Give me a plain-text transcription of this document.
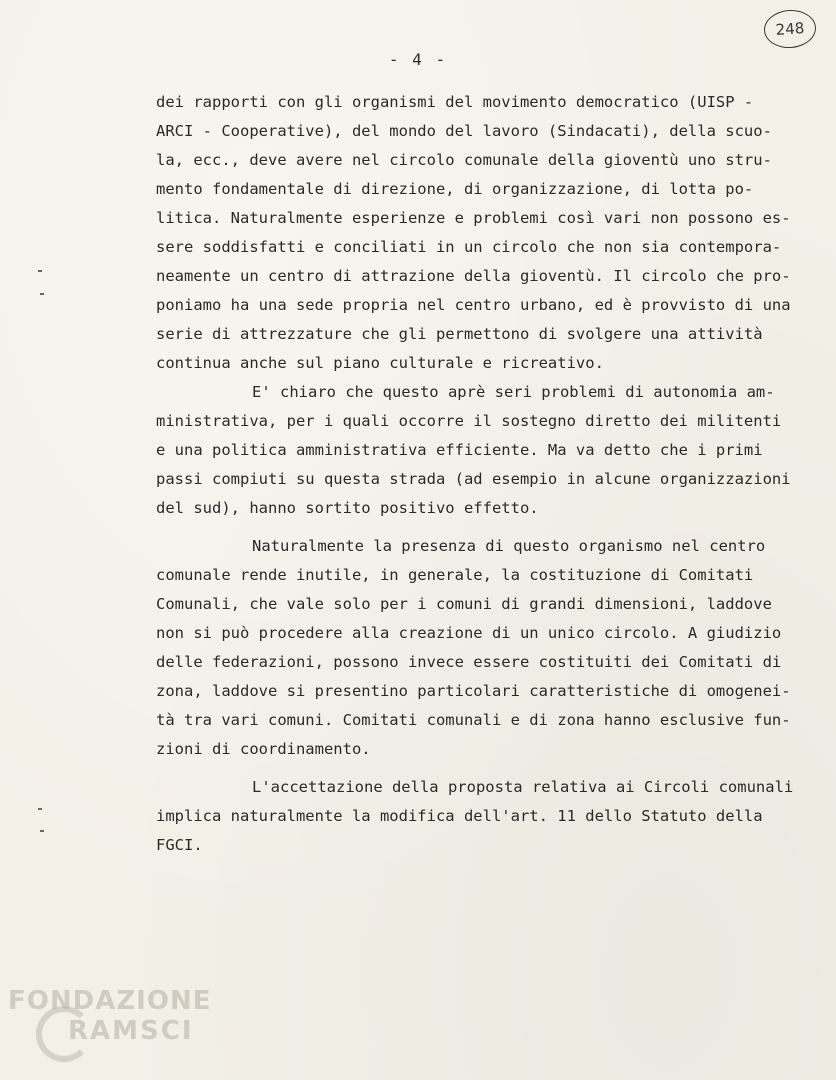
248
- 4 -
dei rapporti con gli organismi del movimento democratico (UISP -
ARCI - Cooperative), del mondo del lavoro (Sindacati), della scuo-
la, ecc., deve avere nel circolo comunale della gioventù uno stru-
mento fondamentale di direzione, di organizzazione, di lotta po-
litica. Naturalmente esperienze e problemi così vari non possono es-
sere soddisfatti e conciliati in un circolo che non sia contempora-
neamente un centro di attrazione della gioventù. Il circolo che pro-
poniamo ha una sede propria nel centro urbano, ed è provvisto di una
serie di attrezzature che gli permettono di svolgere una attività
continua anche sul piano culturale e ricreativo.
E' chiaro che questo aprè seri problemi di autonomia am-
ministrativa, per i quali occorre il sostegno diretto dei militenti
e una politica amministrativa efficiente. Ma va detto che i primi
passi compiuti su questa strada (ad esempio in alcune organizzazioni
del sud), hanno sortito positivo effetto.
Naturalmente la presenza di questo organismo nel centro
comunale rende inutile, in generale, la costituzione di Comitati
Comunali, che vale solo per i comuni di grandi dimensioni, laddove
non si può procedere alla creazione di un unico circolo. A giudizio
delle federazioni, possono invece essere costituiti dei Comitati di
zona, laddove si presentino particolari caratteristiche di omogenei-
tà tra vari comuni. Comitati comunali e di zona hanno esclusive fun-
zioni di coordinamento.
L'accettazione della proposta relativa ai Circoli comunali
implica naturalmente la modifica dell'art. 11 dello Statuto della
FGCI.
FONDAZIONE
RAMSCI
